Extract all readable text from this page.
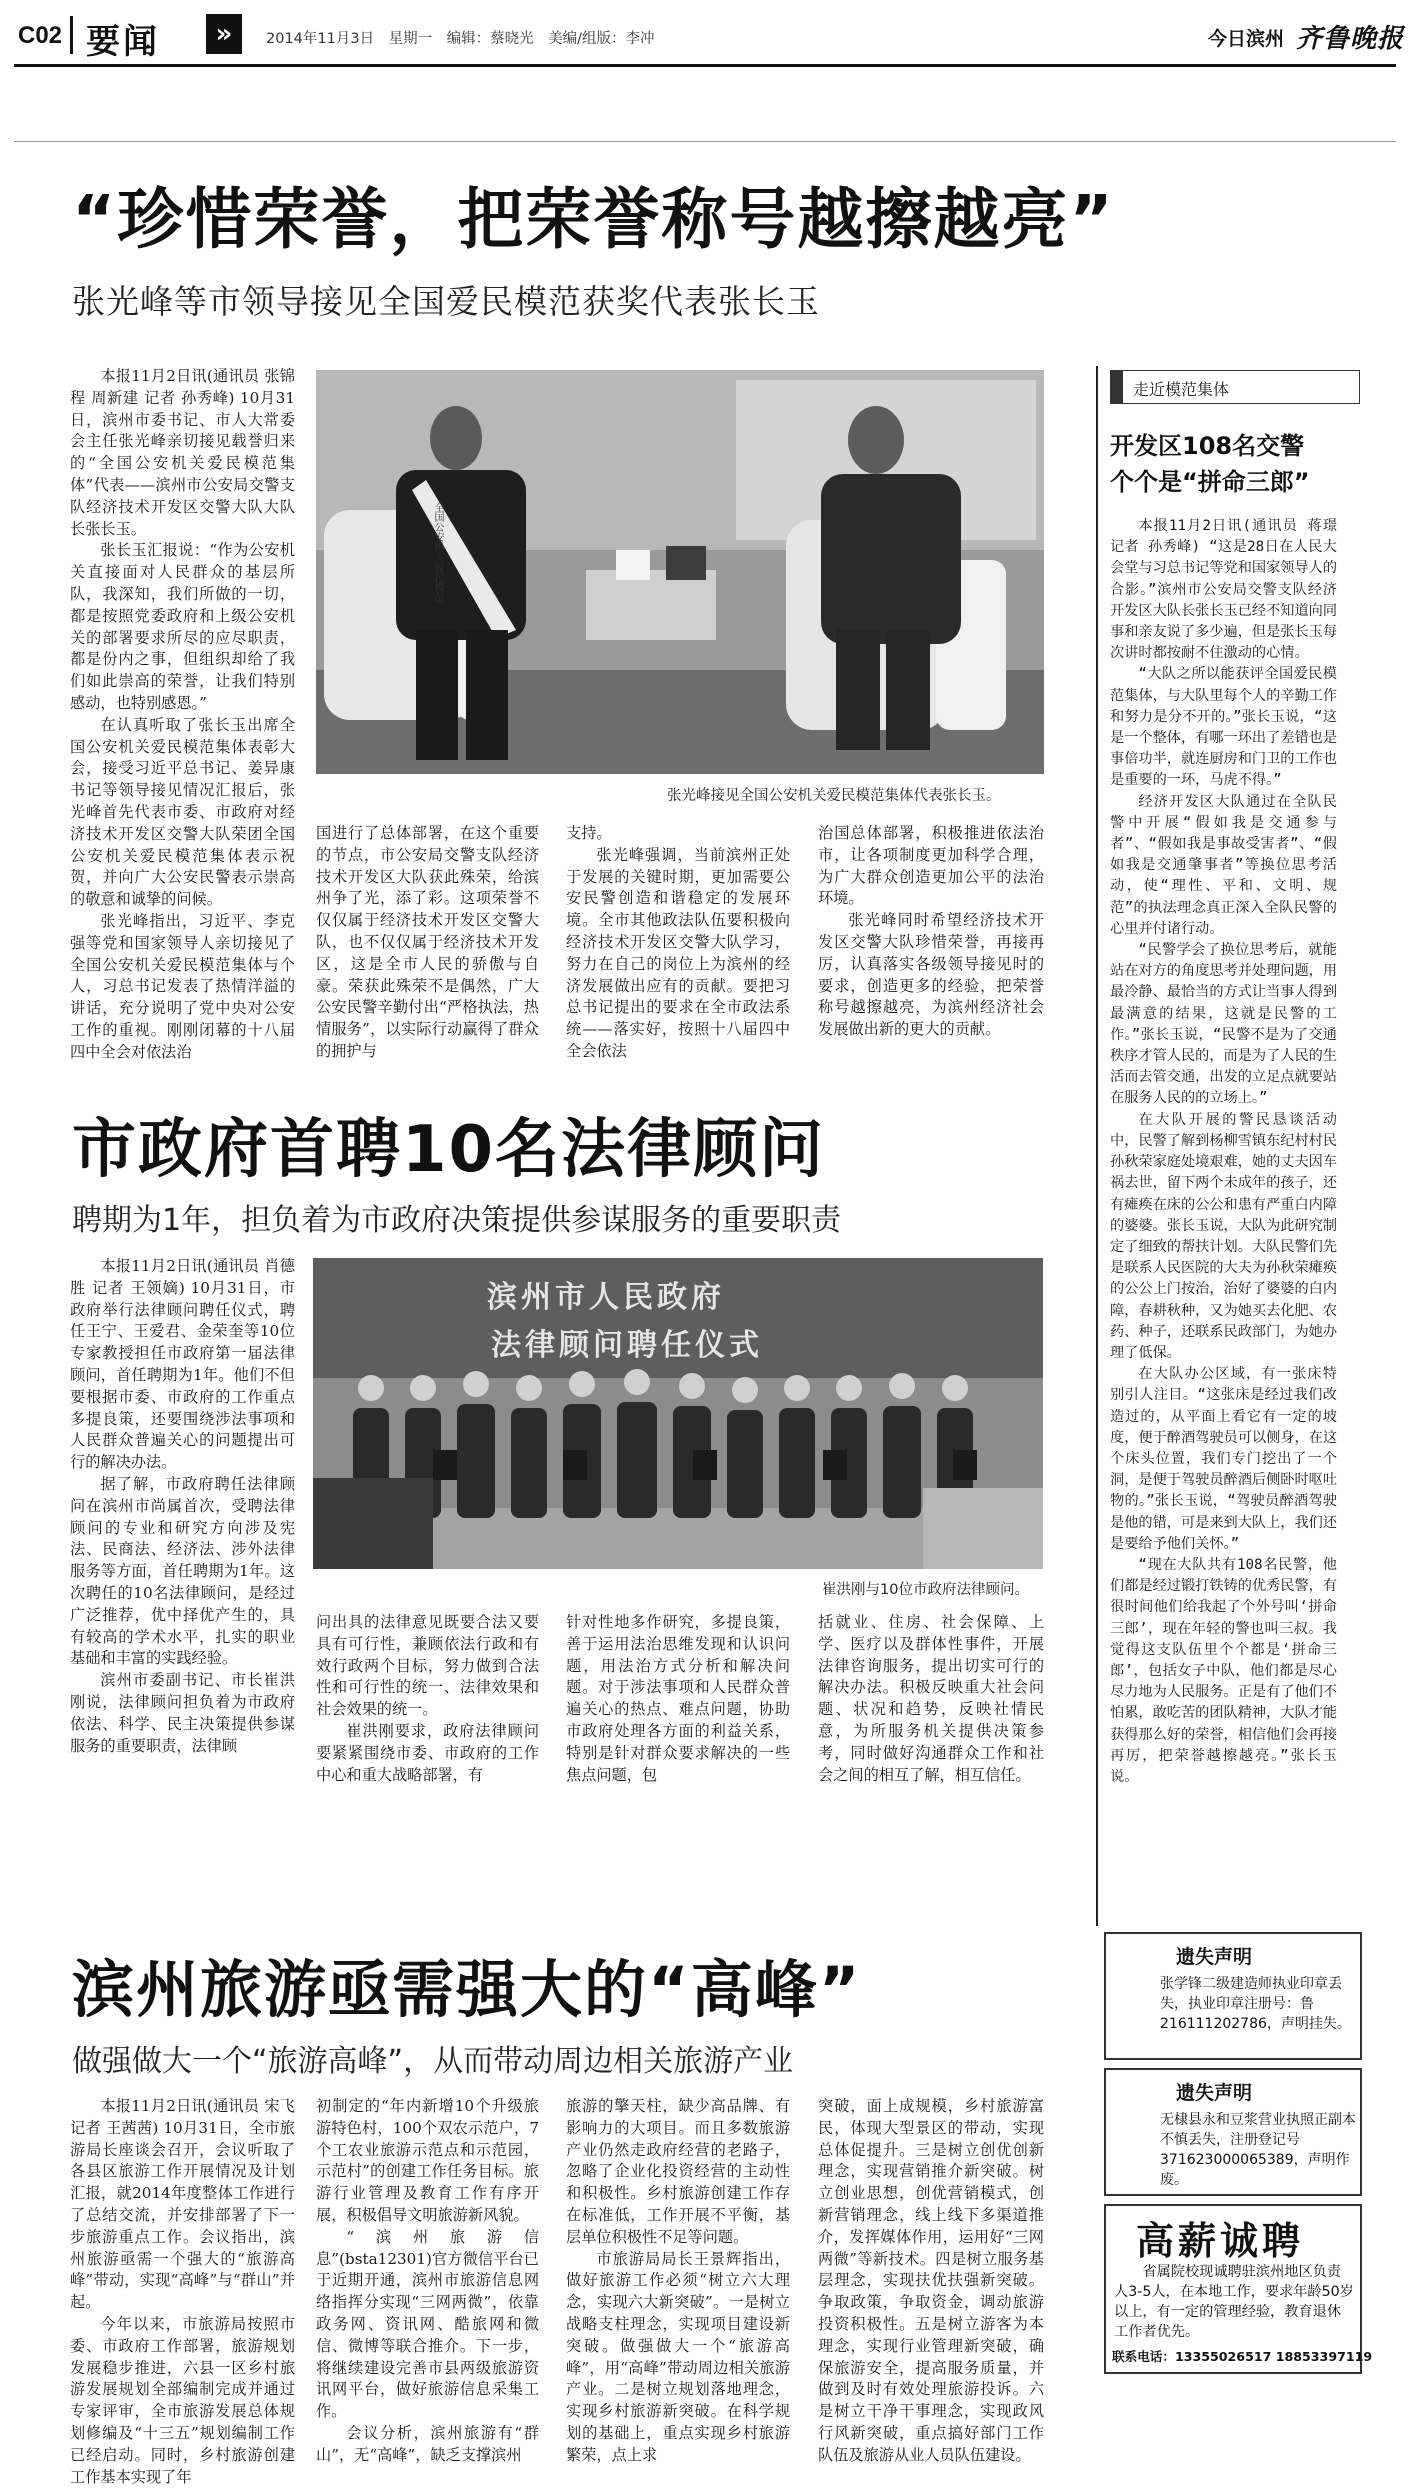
C02 要闻	»	2014年11月3日　星期一　编辑：蔡晓光　美编/组版：李冲	今日滨州 齐鲁晚报
“珍惜荣誉，把荣誉称号越擦越亮”
张光峰等市领导接见全国爱民模范获奖代表张长玉

本报11月2日讯(通讯员 张锦程 周新建 记者 孙秀峰) 10月31日，滨州市委书记、市人大常委会主任张光峰亲切接见载誉归来的“全国公安机关爱民模范集体”代表——滨州市公安局交警支队经济技术开发区交警大队大队长张长玉。

张长玉汇报说：“作为公安机关直接面对人民群众的基层所队，我深知，我们所做的一切，都是按照党委政府和上级公安机关的部署要求所尽的应尽职责，都是份内之事，但组织却给了我们如此崇高的荣誉，让我们特别感动，也特别感恩。”

在认真听取了张长玉出席全国公安机关爱民模范集体表彰大会，接受习近平总书记、姜异康书记等领导接见情况汇报后，张光峰首先代表市委、市政府对经济技术开发区交警大队荣团全国公安机关爱民模范集体表示祝贺，并向广大公安民警表示崇高的敬意和诚挚的问候。

张光峰指出，习近平、李克强等党和国家领导人亲切接见了全国公安机关爱民模范集体与个人，习总书记发表了热情洋溢的讲话，充分说明了党中央对公安工作的重视。刚刚闭幕的十八届四中全会对依法治

全国公安机关爱民模范
张光峰接见全国公安机关爱民模范集体代表张长玉。

国进行了总体部署，在这个重要的节点，市公安局交警支队经济技术开发区大队获此殊荣，给滨州争了光，添了彩。这项荣誉不仅仅属于经济技术开发区交警大队，也不仅仅属于经济技术开发区，这是全市人民的骄傲与自豪。荣获此殊荣不是偶然，广大公安民警辛勤付出“严格执法，热情服务”，以实际行动赢得了群众的拥护与

支持。

张光峰强调，当前滨州正处于发展的关键时期，更加需要公安民警创造和谐稳定的发展环境。全市其他政法队伍要积极向经济技术开发区交警大队学习，努力在自己的岗位上为滨州的经济发展做出应有的贡献。要把习总书记提出的要求在全市政法系统——落实好，按照十八届四中全会依法

治国总体部署，积极推进依法治市，让各项制度更加科学合理，为广大群众创造更加公平的法治环境。

张光峰同时希望经济技术开发区交警大队珍惜荣誉，再接再厉，认真落实各级领导接见时的要求，创造更多的经验，把荣誉称号越擦越亮，为滨州经济社会发展做出新的更大的贡献。

市政府首聘10名法律顾问
聘期为1年，担负着为市政府决策提供参谋服务的重要职责

本报11月2日讯(通讯员 肖德胜 记者 王领嫡) 10月31日，市政府举行法律顾问聘任仪式，聘任王宁、王爱君、金荣奎等10位专家教授担任市政府第一届法律顾问，首任聘期为1年。他们不但要根据市委、市政府的工作重点多提良策，还要围绕涉法事项和人民群众普遍关心的问题提出可行的解决办法。

据了解，市政府聘任法律顾问在滨州市尚属首次，受聘法律顾问的专业和研究方向涉及宪法、民商法、经济法、涉外法律服务等方面，首任聘期为1年。这次聘任的10名法律顾问，是经过广泛推荐，优中择优产生的，具有较高的学术水平，扎实的职业基础和丰富的实践经验。

滨州市委副书记、市长崔洪刚说，法律顾问担负着为市政府依法、科学、民主决策提供参谋服务的重要职责，法律顾

滨州市人民政府
法律顾问聘任仪式
崔洪刚与10位市政府法律顾问。

问出具的法律意见既要合法又要具有可行性，兼顾依法行政和有效行政两个目标，努力做到合法性和可行性的统一、法律效果和社会效果的统一。

崔洪刚要求，政府法律顾问要紧紧围绕市委、市政府的工作中心和重大战略部署，有

针对性地多作研究，多提良策，善于运用法治思维发现和认识问题，用法治方式分析和解决问题。对于涉法事项和人民群众普遍关心的热点、难点问题，协助市政府处理各方面的利益关系，特别是针对群众要求解决的一些焦点问题，包

括就业、住房、社会保障、上学、医疗以及群体性事件，开展法律咨询服务，提出切实可行的解决办法。积极反映重大社会问题、状况和趋势，反映社情民意，为所服务机关提供决策参考，同时做好沟通群众工作和社会之间的相互了解，相互信任。

滨州旅游亟需强大的“高峰”
做强做大一个“旅游高峰”，从而带动周边相关旅游产业

本报11月2日讯(通讯员 宋飞 记者 王茜茜) 10月31日，全市旅游局长座谈会召开，会议听取了各县区旅游工作开展情况及计划汇报，就2014年度整体工作进行了总结交流，并安排部署了下一步旅游重点工作。会议指出，滨州旅游亟需一个强大的“旅游高峰”带动，实现“高峰”与“群山”并起。

今年以来，市旅游局按照市委、市政府工作部署，旅游规划发展稳步推进，六县一区乡村旅游发展规划全部编制完成并通过专家评审，全市旅游发展总体规划修编及“十三五”规划编制工作已经启动。同时，乡村旅游创建工作基本实现了年

初制定的“年内新增10个升级旅游特色村，100个双农示范户，7个工农业旅游示范点和示范园，示范村”的创建工作任务目标。旅游行业管理及教育工作有序开展，积极倡导文明旅游新风貌。

“滨州旅游信息”(bsta12301)官方微信平台已于近期开通，滨州市旅游信息网络指挥分实现“三网两微”，依靠政务网、资讯网、酷旅网和微信、微博等联合推介。下一步，将继续建设完善市县两级旅游资讯网平台，做好旅游信息采集工作。

会议分析，滨州旅游有“群山”，无“高峰”，缺乏支撑滨州

旅游的擎天柱，缺少高品牌、有影响力的大项目。而且多数旅游产业仍然走政府经营的老路子，忽略了企业化投资经营的主动性和积极性。乡村旅游创建工作存在标准低，工作开展不平衡，基层单位积极性不足等问题。

市旅游局局长王景辉指出，做好旅游工作必须“树立六大理念，实现六大新突破”。一是树立战略支柱理念，实现项目建设新突破。做强做大一个“旅游高峰”，用“高峰”带动周边相关旅游产业。二是树立规划落地理念，实现乡村旅游新突破。在科学规划的基础上，重点实现乡村旅游繁荣，点上求

突破，面上成规模，乡村旅游富民，体现大型景区的带动，实现总体促提升。三是树立创优创新理念，实现营销推介新突破。树立创业思想，创优营销模式，创新营销理念，线上线下多渠道推介，发挥媒体作用，运用好“三网两微”等新技术。四是树立服务基层理念，实现扶优扶强新突破。争取政策，争取资金，调动旅游投资积极性。五是树立游客为本理念，实现行业管理新突破，确保旅游安全，提高服务质量，并做到及时有效处理旅游投诉。六是树立干净干事理念，实现政风行风新突破，重点搞好部门工作队伍及旅游从业人员队伍建设。

走近模范集体
开发区108名交警
个个是“拼命三郎”

本报11月2日讯(通讯员 蒋璟 记者 孙秀峰) “这是28日在人民大会堂与习总书记等党和国家领导人的合影。”滨州市公安局交警支队经济开发区大队长张长玉已经不知道向同事和亲友说了多少遍，但是张长玉每次讲时都按耐不住激动的心情。

“大队之所以能获评全国爱民模范集体，与大队里每个人的辛勤工作和努力是分不开的。”张长玉说，“这是一个整体，有哪一环出了差错也是事倍功半，就连厨房和门卫的工作也是重要的一环，马虎不得。”

经济开发区大队通过在全队民警中开展“假如我是交通参与者”、“假如我是事故受害者”、“假如我是交通肇事者”等换位思考活动，使“理性、平和、文明、规范”的执法理念真正深入全队民警的心里并付诸行动。

“民警学会了换位思考后，就能站在对方的角度思考并处理问题，用最冷静、最恰当的方式让当事人得到最满意的结果，这就是民警的工作。”张长玉说，“民警不是为了交通秩序才管人民的，而是为了人民的生活而去管交通，出发的立足点就要站在服务人民的的立场上。”

在大队开展的警民恳谈活动中，民警了解到杨柳雪镇东纪村村民孙秋荣家庭处境艰难，她的丈夫因车祸去世，留下两个未成年的孩子，还有瘫痪在床的公公和患有严重白内障的婆婆。张长玉说，大队为此研究制定了细致的帮扶计划。大队民警们先是联系人民医院的大夫为孙秋荣瘫痪的公公上门按治，治好了婆婆的白内障，春耕秋种，又为她买去化肥、农药、种子，还联系民政部门，为她办理了低保。

在大队办公区域，有一张床特别引人注目。“这张床是经过我们改造过的，从平面上看它有一定的坡度，便于醉酒驾驶员可以侧身，在这个床头位置，我们专门挖出了一个洞，是便于驾驶员醉酒后侧卧时呕吐物的。”张长玉说，“驾驶员醉酒驾驶是他的错，可是来到大队上，我们还是要给予他们关怀。”

“现在大队共有108名民警，他们都是经过锻打铁铸的优秀民警，有很时间他们给我起了个外号叫‘拼命三郎’，现在年轻的警也叫三叔。我觉得这支队伍里个个都是‘拼命三郎’，包括女子中队，他们都是尽心尽力地为人民服务。正是有了他们不怕累，敢吃苦的团队精神，大队才能获得那么好的荣誉，相信他们会再接再厉，把荣誉越擦越亮。”张长玉说。

遗失声明
张学锋二级建造师执业印章丢失，执业印章注册号：鲁216111202786，声明挂失。
遗失声明
无棣县永和豆浆营业执照正副本不慎丢失，注册登记号371623000065389，声明作废。
高薪诚聘
省属院校现诚聘驻滨州地区负责人3-5人，在本地工作，要求年龄50岁以上，有一定的管理经验，教育退休工作者优先。
联系电话：13355026517 18853397119
